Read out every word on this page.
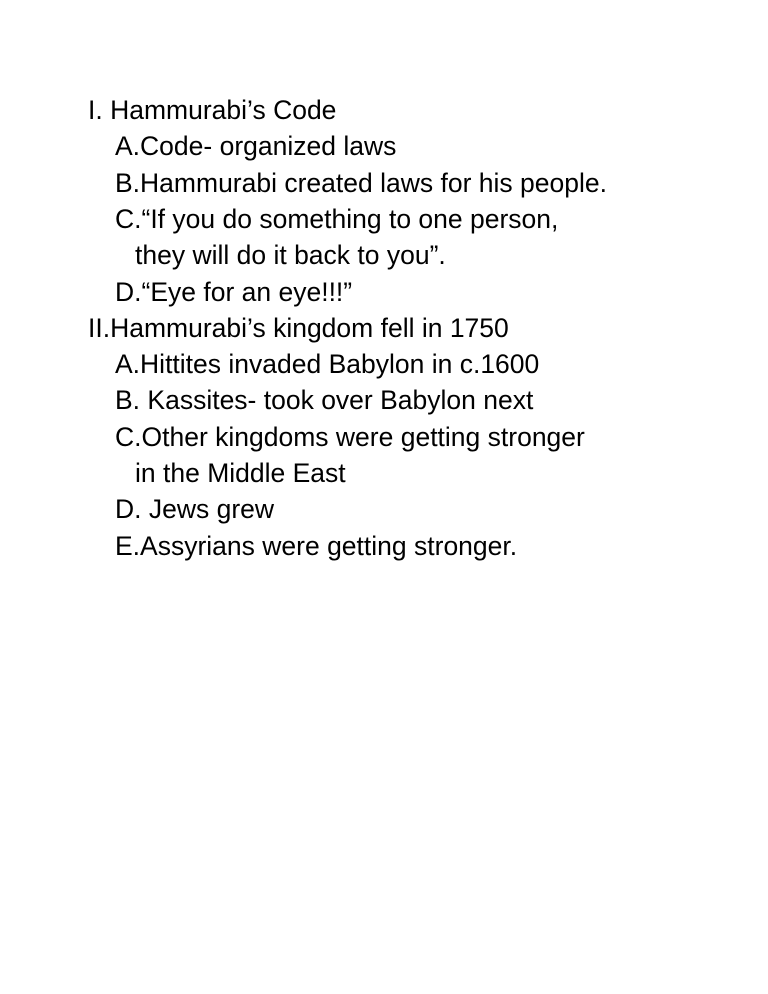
I. Hammurabi’s Code
A.Code- organized laws
B.Hammurabi created laws for his people.
C.“If you do something to one person,
they will do it back to you”.
D.“Eye for an eye!!!”
II.Hammurabi’s kingdom fell in 1750
A.Hittites invaded Babylon in c.1600
B. Kassites- took over Babylon next
C.Other kingdoms were getting stronger
in the Middle East
D. Jews grew
E.Assyrians were getting stronger.
